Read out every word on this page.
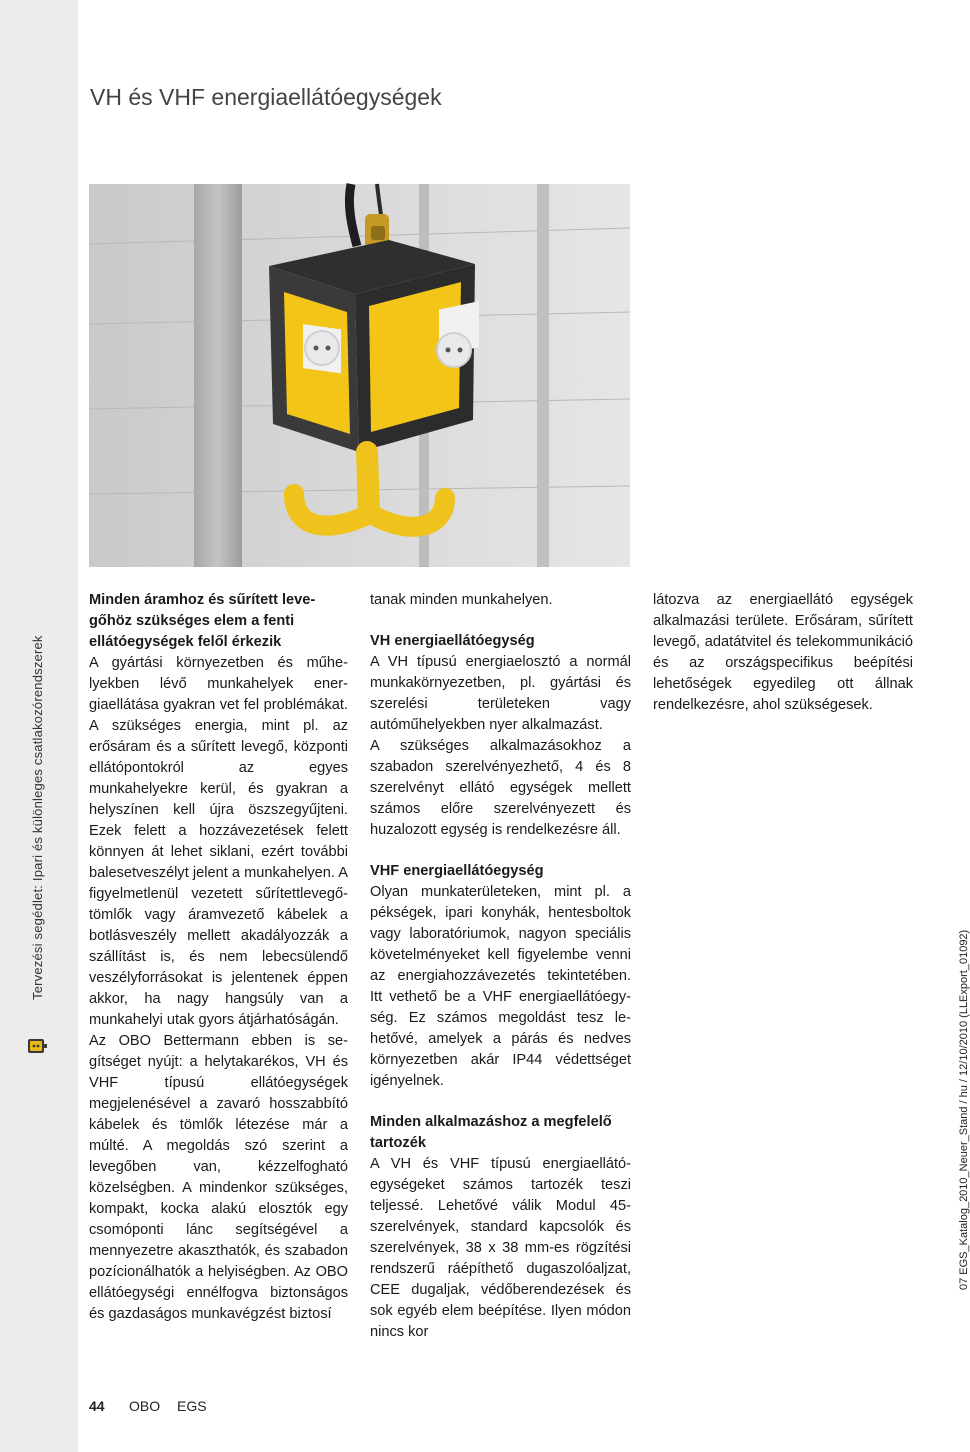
Tervezési segédlet: Ipari és különleges csatlakozórendszerek
VH és VHF energiaellátóegységek
Minden áramhoz és sűrített levegőhöz szükséges elem a fenti ellátóegységek felől érkezik

A gyártási környezetben és műhelyekben lévő munkahelyek energiaellátása gyakran vet fel problémákat. A szükséges energia, mint pl. az erősáram és a sűrített levegő, központi ellátópontokról az egyes munkahelyekre kerül, és gyakran a helyszínen kell újra öszszegyűjteni. Ezek felett a hozzávezetések felett könnyen át lehet siklani, ezért további balesetveszélyt jelent a munkahelyen. A figyelmetlenül vezetett sűrítettlevegő-tömlők vagy áramvezető kábelek a botlásveszély mellett akadályozzák a szállítást is, és nem lebecsülendő veszélyforrásokat is jelentenek éppen akkor, ha nagy hangsúly van a munkahelyi utak gyors átjárhatóságán.

Az OBO Bettermann ebben is segítséget nyújt: a helytakarékos, VH és VHF típusú ellátóegységek megjelenésével a zavaró hosszabbító kábelek és tömlők létezése már a múlté. A megoldás szó szerint a levegőben van, kézzelfogható közelségben. A mindenkor szükséges, kompakt, kocka alakú elosztók egy csomóponti lánc segítségével a mennyezetre akaszthatók, és szabadon pozícionálhatók a helyiségben. Az OBO ellátóegységi ennélfogva biztonságos és gazdaságos munkavégzést biztosí

tanak minden munkahelyen.

VH energiaellátóegység

A VH típusú energiaelosztó a normál munkakörnyezetben, pl. gyártási és szerelési területeken vagy autóműhelyekben nyer alkalmazást.

A szükséges alkalmazásokhoz a szabadon szerelvényezhető, 4 és 8 szerelvényt ellátó egységek mellett számos előre szerelvényezett és huzalozott egység is rendelkezésre áll.

VHF energiaellátóegység

Olyan munkaterületeken, mint pl. a pékségek, ipari konyhák, hentesboltok vagy laboratóriumok, nagyon speciális követelményeket kell figyelembe venni az energiahozzávezetés tekintetében. Itt vethető be a VHF energiaellátóegység. Ez számos megoldást tesz lehetővé, amelyek a párás és nedves környezetben akár IP44 védettséget igényelnek.

Minden alkalmazáshoz a megfelelő tartozék

A VH és VHF típusú energiaellátóegységeket számos tartozék teszi teljessé. Lehetővé válik Modul 45-szerelvények, standard kapcsolók és szerelvények, 38 x 38 mm-es rögzítési rendszerű ráépíthető dugaszolóaljzat, CEE dugaljak, védőberendezések és sok egyéb elem beépítése. Ilyen módon nincs kor

látozva az energiaellátó egységek alkalmazási területe. Erősáram, sűrített levegő, adatátvitel és telekommunikáció és az országspecifikus beépítési lehetőségek egyedileg ott állnak rendelkezésre, ahol szükségesek.

07 EGS_Katalog_2010_Neuer_Stand / hu / 12/10/2010 (LLExport_01092)
44 OBO EGS
